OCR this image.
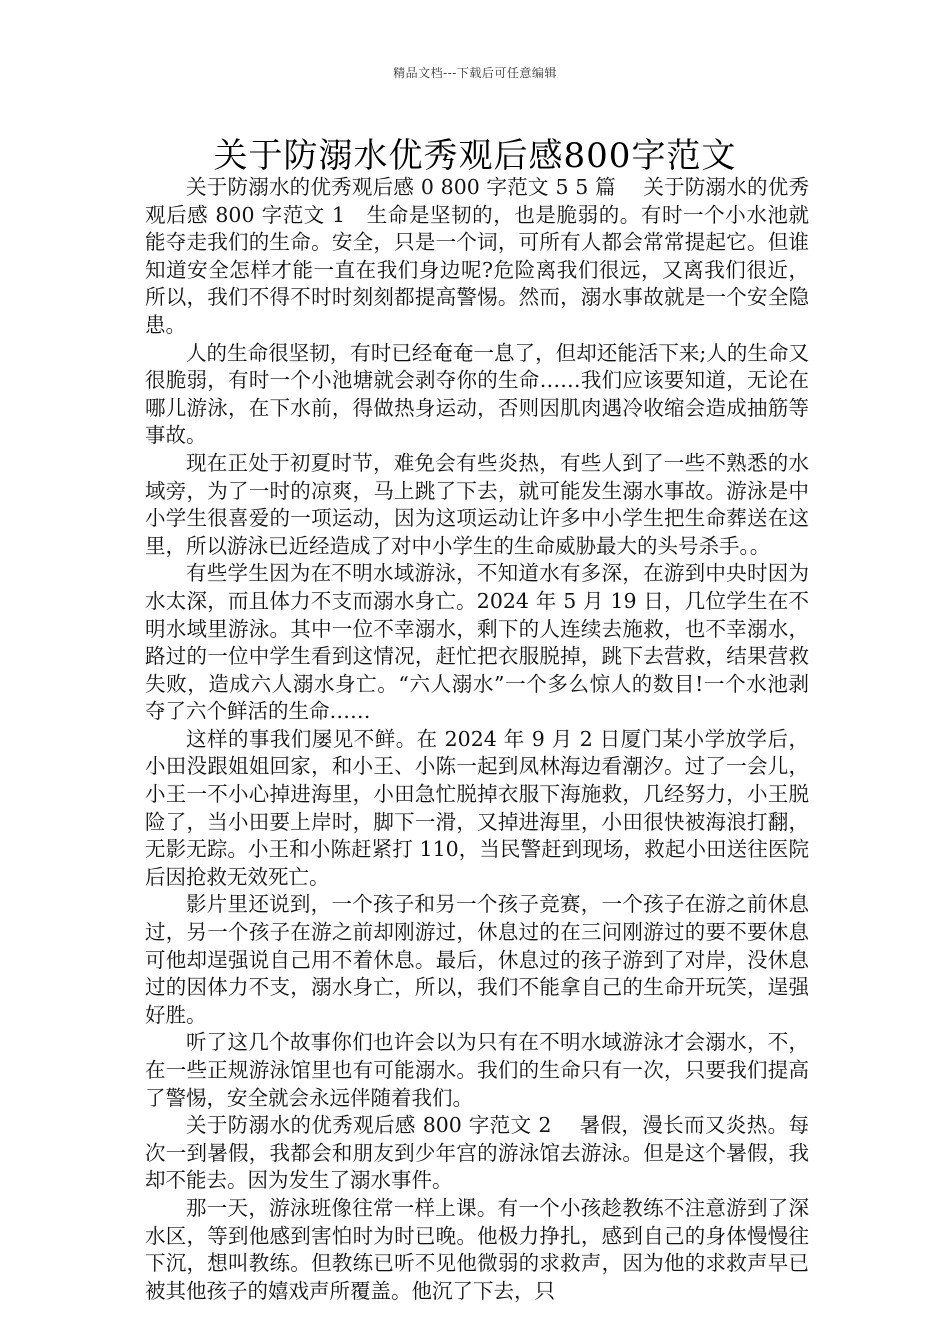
精品文档---下载后可任意编辑
关于防溺水优秀观后感800字范文

关于防溺水的优秀观后感 0 800 字范文 5 5 篇　 关于防溺水的优秀观后感 800 字范文 1　生命是坚韧的，也是脆弱的。有时一个小水池就能夺走我们的生命。安全，只是一个词，可所有人都会常常提起它。但谁知道安全怎样才能一直在我们身边呢?危险离我们很远，又离我们很近，所以，我们不得不时时刻刻都提高警惕。然而，溺水事故就是一个安全隐患。

人的生命很坚韧，有时已经奄奄一息了，但却还能活下来;人的生命又很脆弱，有时一个小池塘就会剥夺你的生命……我们应该要知道，无论在哪儿游泳，在下水前，得做热身运动，否则因肌肉遇冷收缩会造成抽筋等事故。

现在正处于初夏时节，难免会有些炎热，有些人到了一些不熟悉的水域旁，为了一时的凉爽，马上跳了下去，就可能发生溺水事故。游泳是中小学生很喜爱的一项运动，因为这项运动让许多中小学生把生命葬送在这里，所以游泳已近经造成了对中小学生的生命威胁最大的头号杀手。。

有些学生因为在不明水域游泳，不知道水有多深，在游到中央时因为水太深，而且体力不支而溺水身亡。2024 年 5 月 19 日，几位学生在不明水域里游泳。其中一位不幸溺水，剩下的人连续去施救，也不幸溺水，路过的一位中学生看到这情况，赶忙把衣服脱掉，跳下去营救，结果营救失败，造成六人溺水身亡。“六人溺水”一个多么惊人的数目!一个水池剥夺了六个鲜活的生命……

这样的事我们屡见不鲜。在 2024 年 9 月 2 日厦门某小学放学后，小田没跟姐姐回家，和小王、小陈一起到凤林海边看潮汐。过了一会儿，小王一不小心掉进海里，小田急忙脱掉衣服下海施救，几经努力，小王脱险了，当小田要上岸时，脚下一滑，又掉进海里，小田很快被海浪打翻，无影无踪。小王和小陈赶紧打 110，当民警赶到现场，救起小田送往医院后因抢救无效死亡。

影片里还说到，一个孩子和另一个孩子竞赛，一个孩子在游之前休息过，另一个孩子在游之前却刚游过，休息过的在三问刚游过的要不要休息可他却逞强说自己用不着休息。最后，休息过的孩子游到了对岸，没休息过的因体力不支，溺水身亡，所以，我们不能拿自己的生命开玩笑，逞强好胜。

听了这几个故事你们也许会以为只有在不明水域游泳才会溺水，不，在一些正规游泳馆里也有可能溺水。我们的生命只有一次，只要我们提高了警惕，安全就会永远伴随着我们。

关于防溺水的优秀观后感 800 字范文 2　 暑假，漫长而又炎热。每次一到暑假，我都会和朋友到少年宫的游泳馆去游泳。但是这个暑假，我却不能去。因为发生了溺水事件。

那一天，游泳班像往常一样上课。有一个小孩趁教练不注意游到了深水区，等到他感到害怕时为时已晚。他极力挣扎，感到自己的身体慢慢往下沉，想叫教练。但教练已听不见他微弱的求救声，因为他的求救声早已被其他孩子的嬉戏声所覆盖。他沉了下去，只
